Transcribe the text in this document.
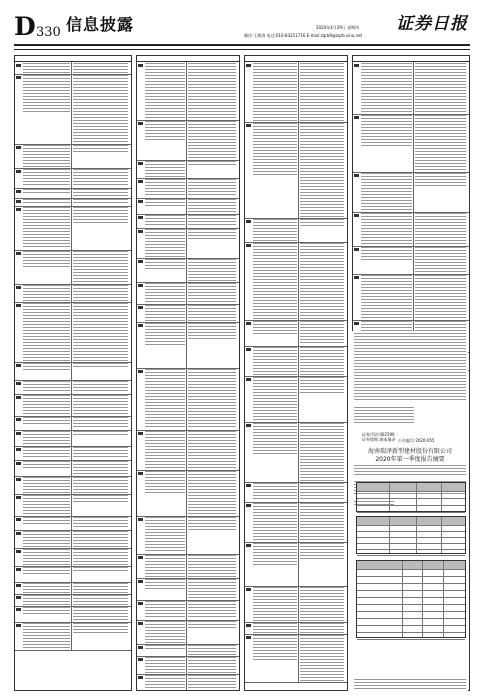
D 330 信息披露	2020年4月29日 星期四
制作:王敬涛 电话:010-83251716 E-mail:zqrb9@zqrb.sina.net
证券日报
证券代码:002596
证券简称:海南瑞泽 公告编号:2020-055
海南瑞泽新型建材股份有限公司
2020年第一季度报告摘要
